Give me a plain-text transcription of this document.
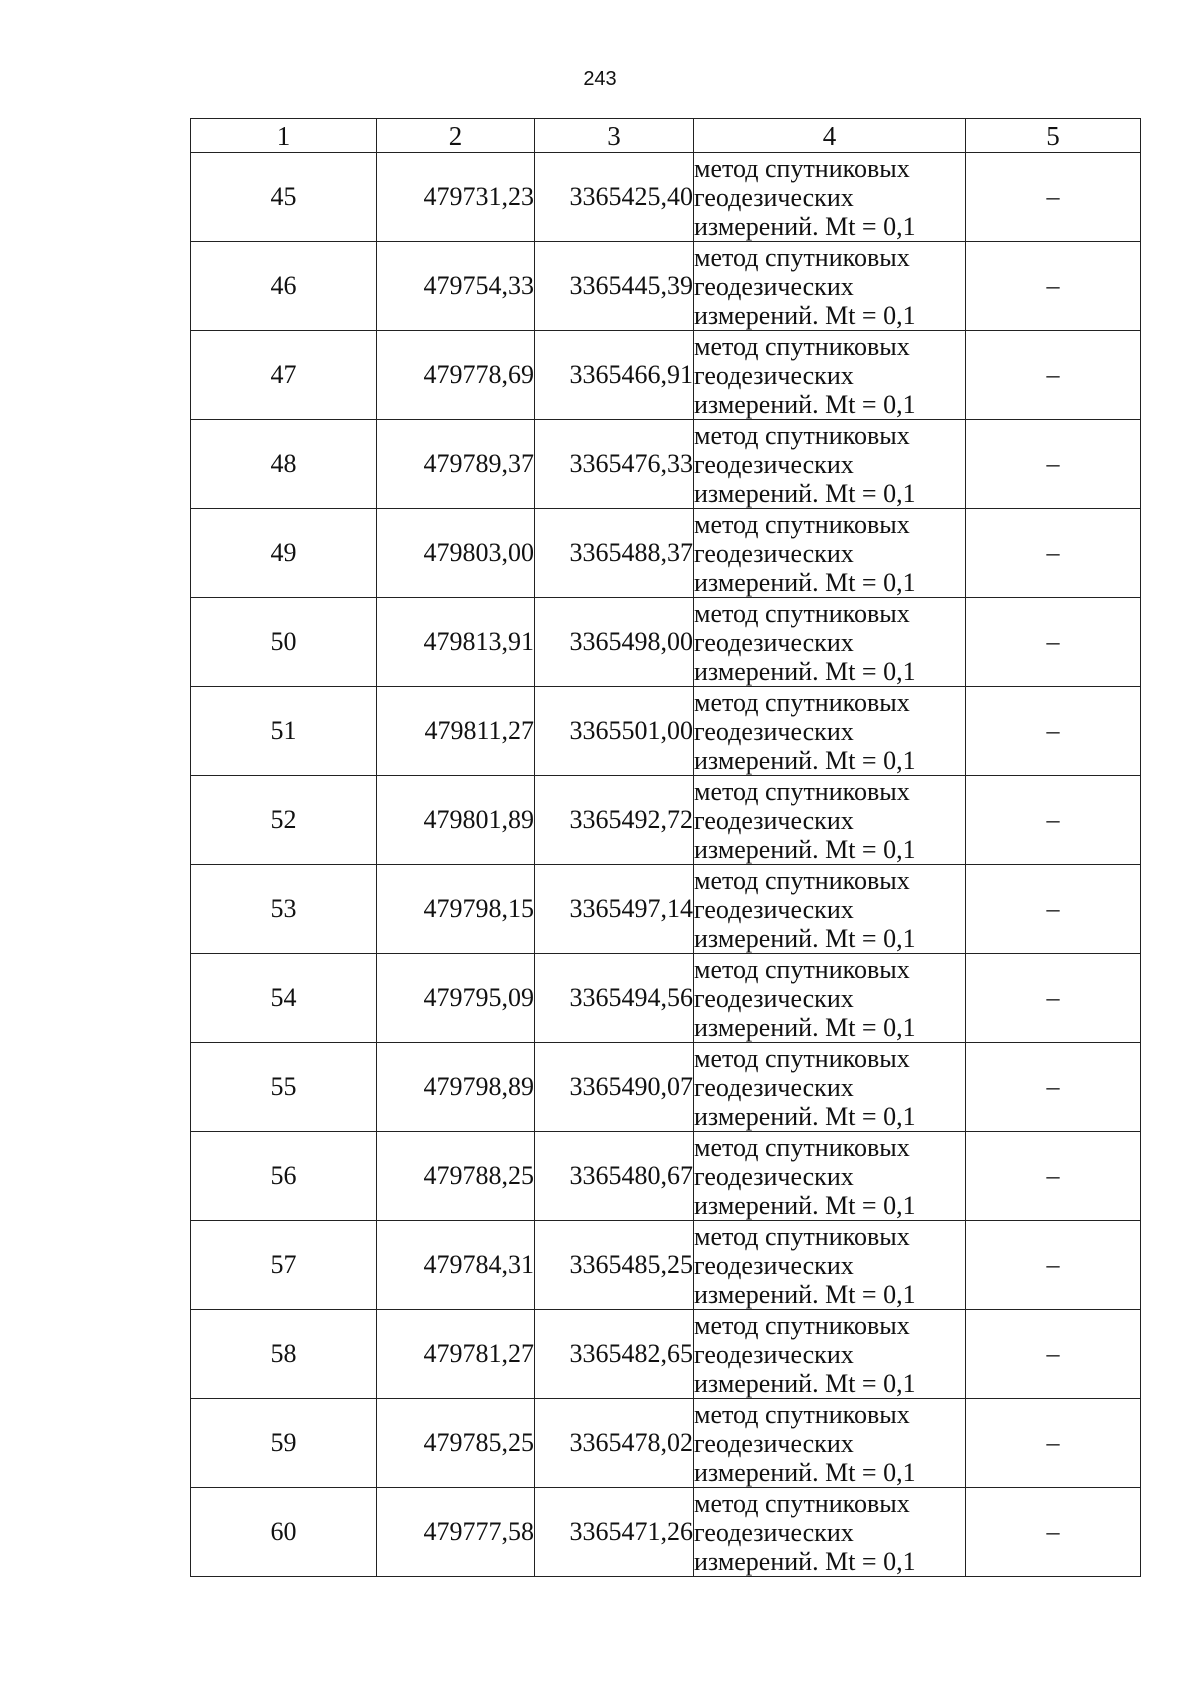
243
1	2	3	4	5
45	479731,23	3365425,40	метод спутниковых
геодезических
измерений. Mt = 0,1	–
46	479754,33	3365445,39	метод спутниковых
геодезических
измерений. Mt = 0,1	–
47	479778,69	3365466,91	метод спутниковых
геодезических
измерений. Mt = 0,1	–
48	479789,37	3365476,33	метод спутниковых
геодезических
измерений. Mt = 0,1	–
49	479803,00	3365488,37	метод спутниковых
геодезических
измерений. Mt = 0,1	–
50	479813,91	3365498,00	метод спутниковых
геодезических
измерений. Mt = 0,1	–
51	479811,27	3365501,00	метод спутниковых
геодезических
измерений. Mt = 0,1	–
52	479801,89	3365492,72	метод спутниковых
геодезических
измерений. Mt = 0,1	–
53	479798,15	3365497,14	метод спутниковых
геодезических
измерений. Mt = 0,1	–
54	479795,09	3365494,56	метод спутниковых
геодезических
измерений. Mt = 0,1	–
55	479798,89	3365490,07	метод спутниковых
геодезических
измерений. Mt = 0,1	–
56	479788,25	3365480,67	метод спутниковых
геодезических
измерений. Mt = 0,1	–
57	479784,31	3365485,25	метод спутниковых
геодезических
измерений. Mt = 0,1	–
58	479781,27	3365482,65	метод спутниковых
геодезических
измерений. Mt = 0,1	–
59	479785,25	3365478,02	метод спутниковых
геодезических
измерений. Mt = 0,1	–
60	479777,58	3365471,26	метод спутниковых
геодезических
измерений. Mt = 0,1	–
